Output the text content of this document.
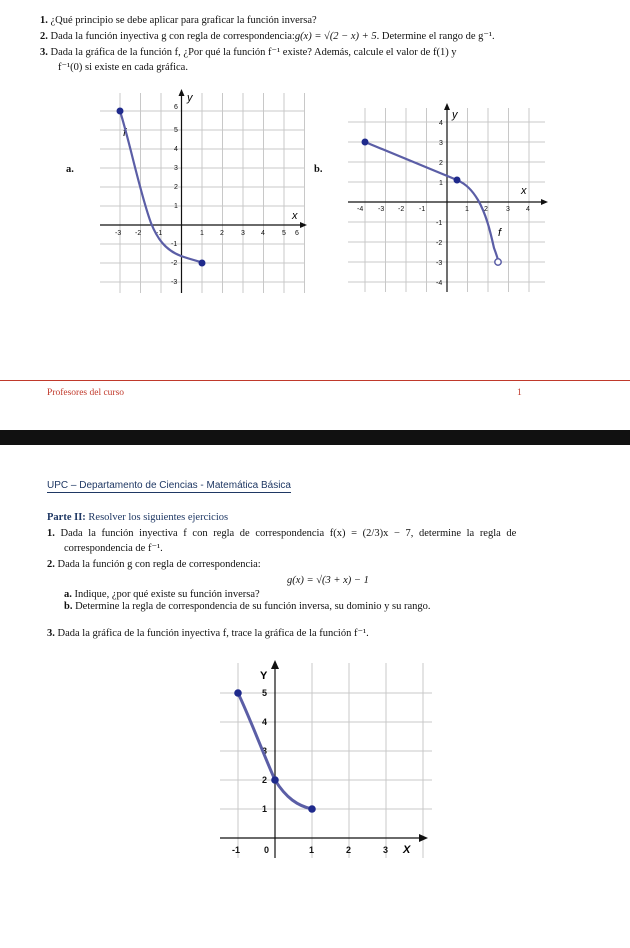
1. ¿Qué principio se debe aplicar para graficar la función inversa?
2. Dada la función inyectiva g con regla de correspondencia:g(x) = √(2 − x) + 5. Determine el rango de g⁻¹.
3. Dada la gráfica de la función f, ¿Por qué la función f⁻¹ existe? Además, calcule el valor de f(1) y
f⁻¹(0) si existe en cada gráfica.
a.	b.
y
x
f
-3 -2 -1	1 2 3 4 5 6
6
5
4
3
2
1
-1
-2
-3
y
x
f
-4 -3 -2 -1	1 2	3 4
4
3
2
1
-1
-2
-3
-4
Profesores del curso	1
UPC – Departamento de Ciencias - Matemática Básica
Parte II: Resolver los siguientes ejercicios
1. Dada la función inyectiva f con regla de correspondencia f(x) = (2/3)x − 7, determine la regla de
correspondencia de f⁻¹.
2. Dada la función g con regla de correspondencia:
g(x) = √(3 + x) − 1
a. Indique, ¿por qué existe su función inversa?
b. Determine la regla de correspondencia de su función inversa, su dominio y su rango.
3. Dada la gráfica de la función inyectiva f, trace la gráfica de la función f⁻¹.
Y
X
-1	0	1	2	3
5
4
3
2
1
